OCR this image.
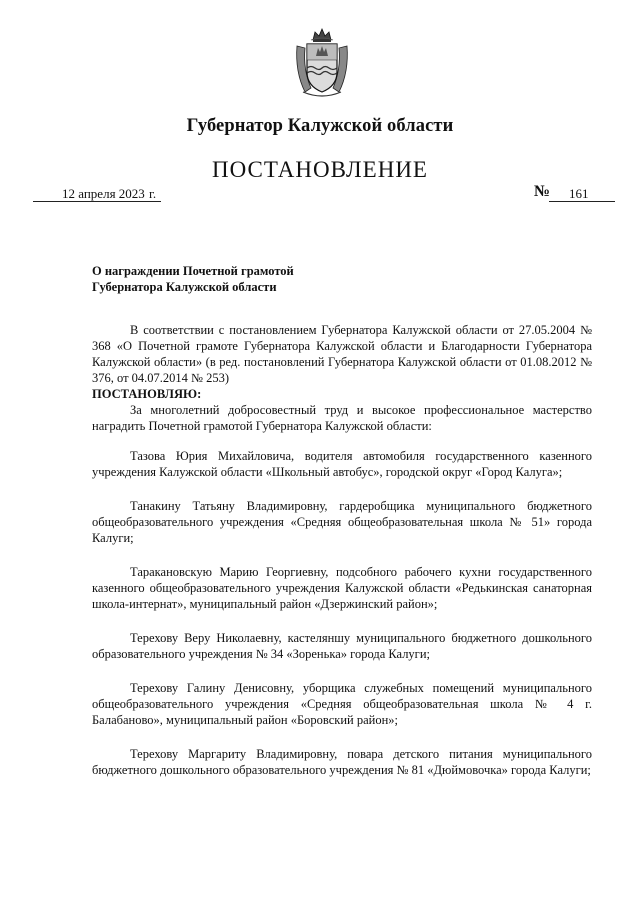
Губернатор Калужской области
ПОСТАНОВЛЕНИЕ
12 апреля 2023 г.	№	161
О награждении Почетной грамотой
Губернатора Калужской области

В соответствии с постановлением Губернатора Калужской области от 27.05.2004 № 368 «О Почетной грамоте Губернатора Калужской области и Благодарности Губернатора Калужской области» (в ред. постановлений Губернатора Калужской области от 01.08.2012 № 376, от 04.07.2014 № 253)

ПОСТАНОВЛЯЮ:

За многолетний добросовестный труд и высокое профессиональное мастерство наградить Почетной грамотой Губернатора Калужской области:

Тазова Юрия Михайловича, водителя автомобиля государственного казенного учреждения Калужской области «Школьный автобус», городской округ «Город Калуга»;

Танакину Татьяну Владимировну, гардеробщика муниципального бюджетного общеобразовательного учреждения «Средняя общеобразовательная школа № 51» города Калуги;

Таракановскую Марию Георгиевну, подсобного рабочего кухни государственного казенного общеобразовательного учреждения Калужской области «Редькинская санаторная школа-интернат», муниципальный район «Дзержинский район»;

Терехову Веру Николаевну, кастеляншу муниципального бюджетного дошкольного образовательного учреждения № 34 «Зоренька» города Калуги;

Терехову Галину Денисовну, уборщика служебных помещений муниципального общеобразовательного учреждения «Средняя общеобразовательная школа № 4 г. Балабаново», муниципальный район «Боровский район»;

Терехову Маргариту Владимировну, повара детского питания муниципального бюджетного дошкольного образовательного учреждения № 81 «Дюймовочка» города Калуги;
